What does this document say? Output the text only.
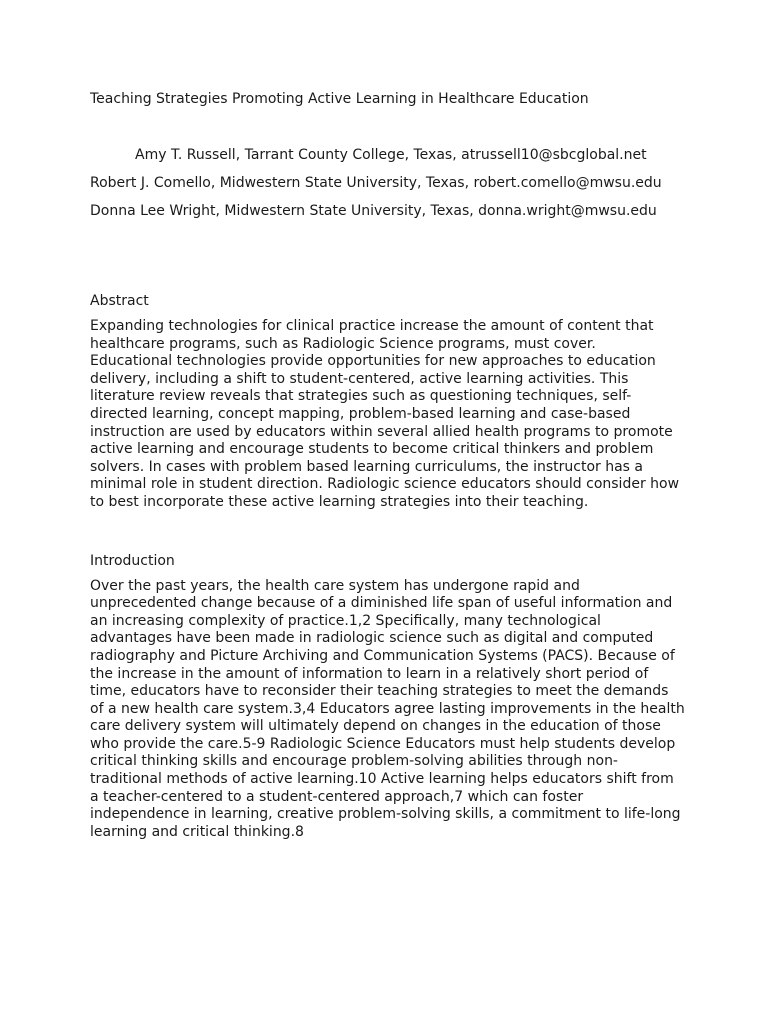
Teaching Strategies Promoting Active Learning in Healthcare Education

Amy T. Russell, Tarrant County College, Texas, atrussell10@sbcglobal.net

Robert J. Comello, Midwestern State University, Texas, robert.comello@mwsu.edu

Donna Lee Wright, Midwestern State University, Texas, donna.wright@mwsu.edu

Abstract

Expanding technologies for clinical practice increase the amount of content that
healthcare programs, such as Radiologic Science programs, must cover.
Educational technologies provide opportunities for new approaches to education
delivery, including a shift to student-centered, active learning activities. This
literature review reveals that strategies such as questioning techniques, self-
directed learning, concept mapping, problem-based learning and case-based
instruction are used by educators within several allied health programs to promote
active learning and encourage students to become critical thinkers and problem
solvers. In cases with problem based learning curriculums, the instructor has a
minimal role in student direction. Radiologic science educators should consider how
to best incorporate these active learning strategies into their teaching.

Introduction

Over the past years, the health care system has undergone rapid and
unprecedented change because of a diminished life span of useful information and
an increasing complexity of practice.1,2 Specifically, many technological
advantages have been made in radiologic science such as digital and computed
radiography and Picture Archiving and Communication Systems (PACS). Because of
the increase in the amount of information to learn in a relatively short period of
time, educators have to reconsider their teaching strategies to meet the demands
of a new health care system.3,4 Educators agree lasting improvements in the health
care delivery system will ultimately depend on changes in the education of those
who provide the care.5-9 Radiologic Science Educators must help students develop
critical thinking skills and encourage problem-solving abilities through non-
traditional methods of active learning.10 Active learning helps educators shift from
a teacher-centered to a student-centered approach,7 which can foster
independence in learning, creative problem-solving skills, a commitment to life-long
learning and critical thinking.8
